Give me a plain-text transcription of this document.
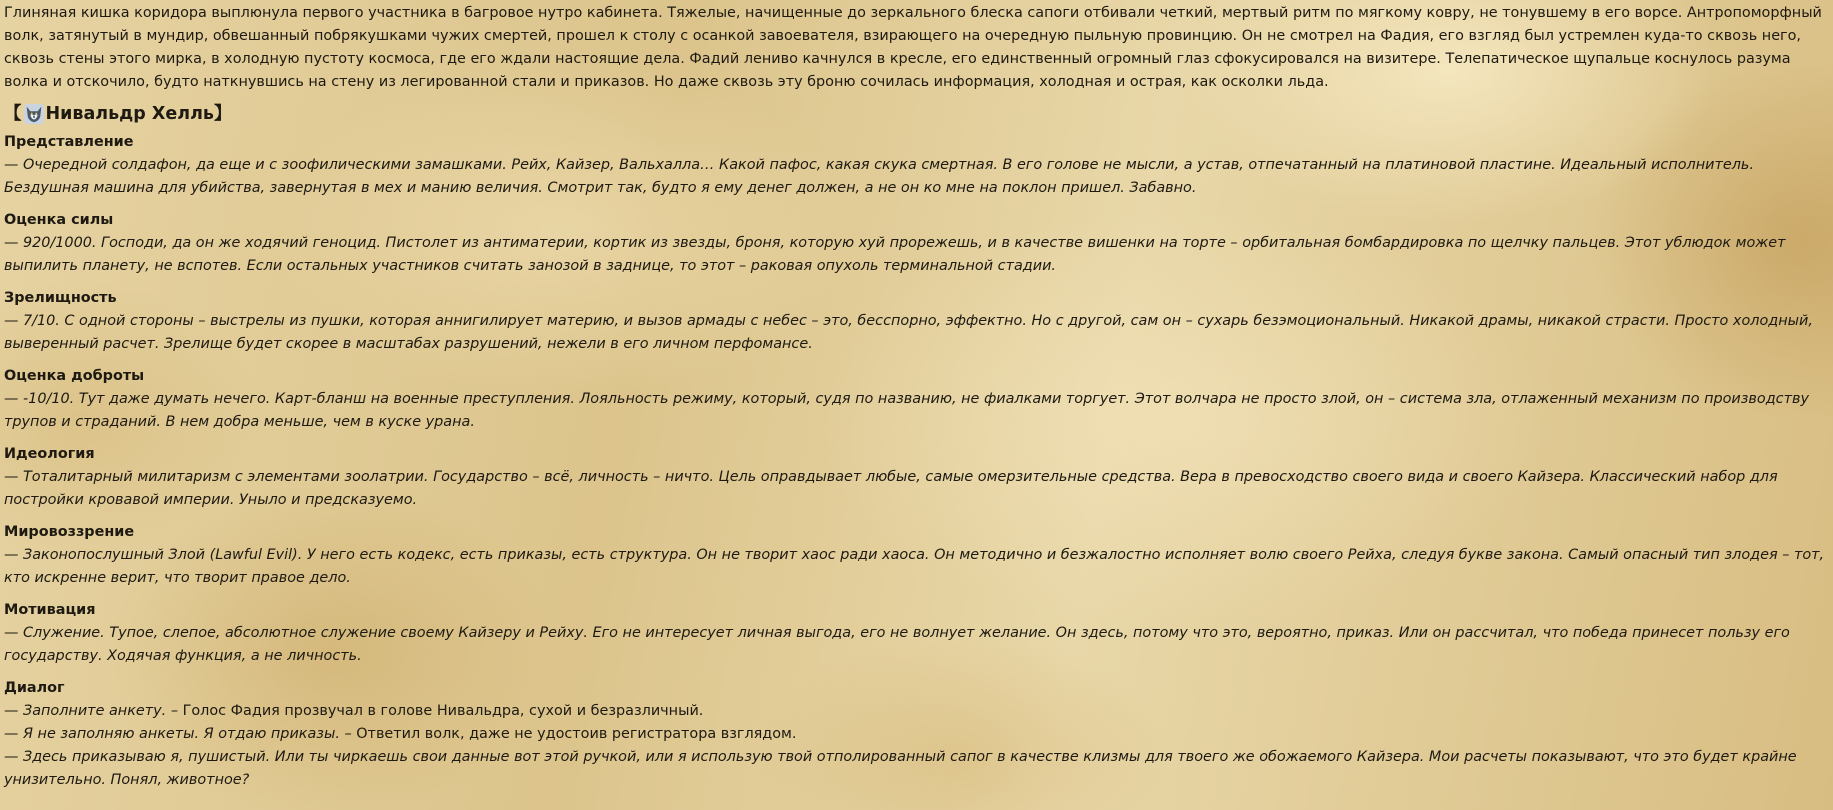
Глиняная кишка коридора выплюнула первого участника в багровое нутро кабинета. Тяжелые, начищенные до зеркального блеска сапоги отбивали четкий, мертвый ритм по мягкому ковру, не тонувшему в его ворсе. Антропоморфный волк, затянутый в мундир, обвешанный побрякушками чужих смертей, прошел к столу с осанкой завоевателя, взирающего на очередную пыльную провинцию. Он не смотрел на Фадия, его взгляд был устремлен куда-то сквозь него, сквозь стены этого мирка, в холодную пустоту космоса, где его ждали настоящие дела. Фадий лениво качнулся в кресле, его единственный огромный глаз сфокусировался на визитере. Телепатическое щупальце коснулось разума волка и отскочило, будто наткнувшись на стену из легированной стали и приказов. Но даже сквозь эту броню сочилась информация, холодная и острая, как осколки льда.

【 Нивальдр Хелль 】

Представление

— Очередной солдафон, да еще и с зоофилическими замашками. Рейх, Кайзер, Вальхалла… Какой пафос, какая скука смертная. В его голове не мысли, а устав, отпечатанный на платиновой пластине. Идеальный исполнитель. Бездушная машина для убийства, завернутая в мех и манию величия. Смотрит так, будто я ему денег должен, а не он ко мне на поклон пришел. Забавно.

Оценка силы

— 920/1000. Господи, да он же ходячий геноцид. Пистолет из антиматерии, кортик из звезды, броня, которую хуй прорежешь, и в качестве вишенки на торте – орбитальная бомбардировка по щелчку пальцев. Этот ублюдок может выпилить планету, не вспотев. Если остальных участников считать занозой в заднице, то этот – раковая опухоль терминальной стадии.

Зрелищность

— 7/10. С одной стороны – выстрелы из пушки, которая аннигилирует материю, и вызов армады с небес – это, бесспорно, эффектно. Но с другой, сам он – сухарь безэмоциональный. Никакой драмы, никакой страсти. Просто холодный, выверенный расчет. Зрелище будет скорее в масштабах разрушений, нежели в его личном перфомансе.

Оценка доброты

— -10/10. Тут даже думать нечего. Карт-бланш на военные преступления. Лояльность режиму, который, судя по названию, не фиалками торгует. Этот волчара не просто злой, он – система зла, отлаженный механизм по производству трупов и страданий. В нем добра меньше, чем в куске урана.

Идеология

— Тоталитарный милитаризм с элементами зоолатрии. Государство – всё, личность – ничто. Цель оправдывает любые, самые омерзительные средства. Вера в превосходство своего вида и своего Кайзера. Классический набор для постройки кровавой империи. Уныло и предсказуемо.

Мировоззрение

— Законопослушный Злой (Lawful Evil). У него есть кодекс, есть приказы, есть структура. Он не творит хаос ради хаоса. Он методично и безжалостно исполняет волю своего Рейха, следуя букве закона. Самый опасный тип злодея – тот, кто искренне верит, что творит правое дело.

Мотивация

— Служение. Тупое, слепое, абсолютное служение своему Кайзеру и Рейху. Его не интересует личная выгода, его не волнует желание. Он здесь, потому что это, вероятно, приказ. Или он рассчитал, что победа принесет пользу его государству. Ходячая функция, а не личность.

Диалог

— Заполните анкету. – Голос Фадия прозвучал в голове Нивальдра, сухой и безразличный.

— Я не заполняю анкеты. Я отдаю приказы. – Ответил волк, даже не удостоив регистратора взглядом.

— Здесь приказываю я, пушистый. Или ты чиркаешь свои данные вот этой ручкой, или я использую твой отполированный сапог в качестве клизмы для твоего же обожаемого Кайзера. Мои расчеты показывают, что это будет крайне унизительно. Понял, животное?
